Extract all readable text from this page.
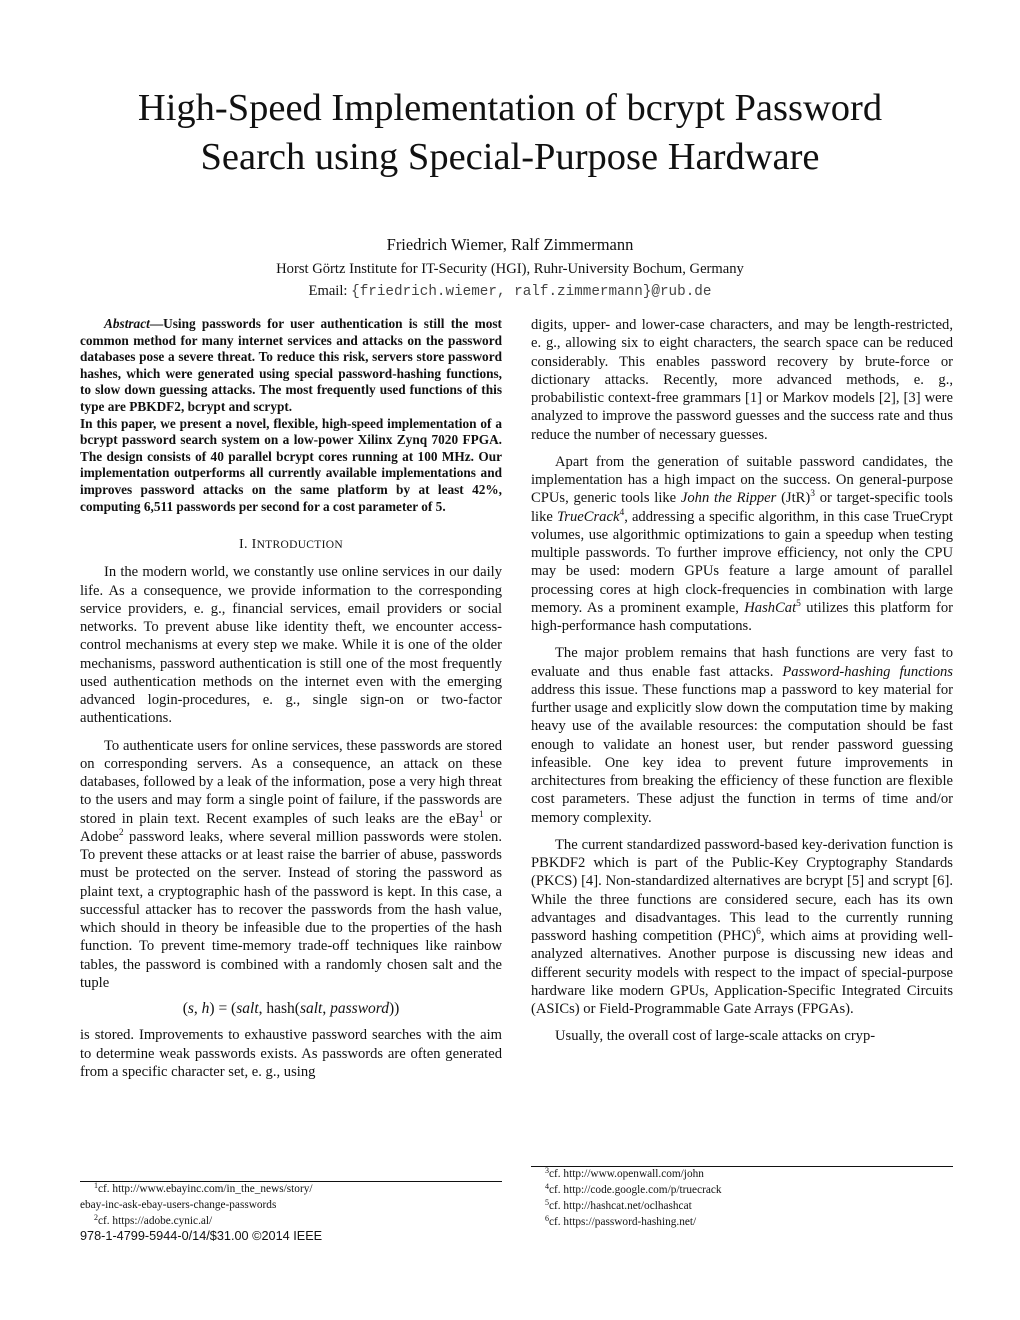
High-Speed Implementation of bcrypt Password
Search using Special-Purpose Hardware
Friedrich Wiemer, Ralf Zimmermann
Horst Görtz Institute for IT-Security (HGI), Ruhr-University Bochum, Germany
Email: {friedrich.wiemer, ralf.zimmermann}@rub.de

Abstract—Using passwords for user authentication is still the most common method for many internet services and attacks on the password databases pose a severe threat. To reduce this risk, servers store password hashes, which were generated using special password-hashing functions, to slow down guessing attacks. The most frequently used functions of this type are PBKDF2, bcrypt and scrypt.

In this paper, we present a novel, flexible, high-speed implementation of a bcrypt password search system on a low-power Xilinx Zynq 7020 FPGA. The design consists of 40 parallel bcrypt cores running at 100 MHz. Our implementation outperforms all currently available implementations and improves password attacks on the same platform by at least 42%, computing 6,511 passwords per second for a cost parameter of 5.

I. INTRODUCTION

In the modern world, we constantly use online services in our daily life. As a consequence, we provide information to the corresponding service providers, e. g., financial services, email providers or social networks. To prevent abuse like identity theft, we encounter access-control mechanisms at every step we make. While it is one of the older mechanisms, password authentication is still one of the most frequently used authentication methods on the internet even with the emerging advanced login-procedures, e. g., single sign-on or two-factor authentications.

To authenticate users for online services, these passwords are stored on corresponding servers. As a consequence, an attack on these databases, followed by a leak of the information, pose a very high threat to the users and may form a single point of failure, if the passwords are stored in plain text. Recent examples of such leaks are the eBay$^1$ or Adobe$^2$ password leaks, where several million passwords were stolen. To prevent these attacks or at least raise the barrier of abuse, passwords must be protected on the server. Instead of storing the password as plaint text, a cryptographic hash of the password is kept. In this case, a successful attacker has to recover the passwords from the hash value, which should in theory be infeasible due to the properties of the hash function. To prevent time-memory trade-off techniques like rainbow tables, the password is combined with a randomly chosen salt and the tuple

(s, h) = (salt, hash(salt, password))

is stored. Improvements to exhaustive password searches with the aim to determine weak passwords exists. As passwords are often generated from a specific character set, e. g., using

$^1$cf. http://www.ebayinc.com/in_the_news/story/
ebay-inc-ask-ebay-users-change-passwords
$^2$cf. https://adobe.cynic.al/
978-1-4799-5944-0/14/$31.00 ©2014 IEEE

digits, upper- and lower-case characters, and may be length-restricted, e. g., allowing six to eight characters, the search space can be reduced considerably. This enables password recovery by brute-force or dictionary attacks. Recently, more advanced methods, e. g., probabilistic context-free grammars [1] or Markov models [2], [3] were analyzed to improve the password guesses and the success rate and thus reduce the number of necessary guesses.

Apart from the generation of suitable password candidates, the implementation has a high impact on the success. On general-purpose CPUs, generic tools like John the Ripper (JtR)$^3$ or target-specific tools like TrueCrack$^4$, addressing a specific algorithm, in this case TrueCrypt volumes, use algorithmic optimizations to gain a speedup when testing multiple passwords. To further improve efficiency, not only the CPU may be used: modern GPUs feature a large amount of parallel processing cores at high clock-frequencies in combination with large memory. As a prominent example, HashCat$^5$ utilizes this platform for high-performance hash computations.

The major problem remains that hash functions are very fast to evaluate and thus enable fast attacks. Password-hashing functions address this issue. These functions map a password to key material for further usage and explicitly slow down the computation time by making heavy use of the available resources: the computation should be fast enough to validate an honest user, but render password guessing infeasible. One key idea to prevent future improvements in architectures from breaking the efficiency of these function are flexible cost parameters. These adjust the function in terms of time and/or memory complexity.

The current standardized password-based key-derivation function is PBKDF2 which is part of the Public-Key Cryptography Standards (PKCS) [4]. Non-standardized alternatives are bcrypt [5] and scrypt [6]. While the three functions are considered secure, each has its own advantages and disadvantages. This lead to the currently running password hashing competition (PHC)$^6$, which aims at providing well-analyzed alternatives. Another purpose is discussing new ideas and different security models with respect to the impact of special-purpose hardware like modern GPUs, Application-Specific Integrated Circuits (ASICs) or Field-Programmable Gate Arrays (FPGAs).

Usually, the overall cost of large-scale attacks on cryp-

$^3$cf. http://www.openwall.com/john
$^4$cf. http://code.google.com/p/truecrack
$^5$cf. http://hashcat.net/oclhashcat
$^6$cf. https://password-hashing.net/
